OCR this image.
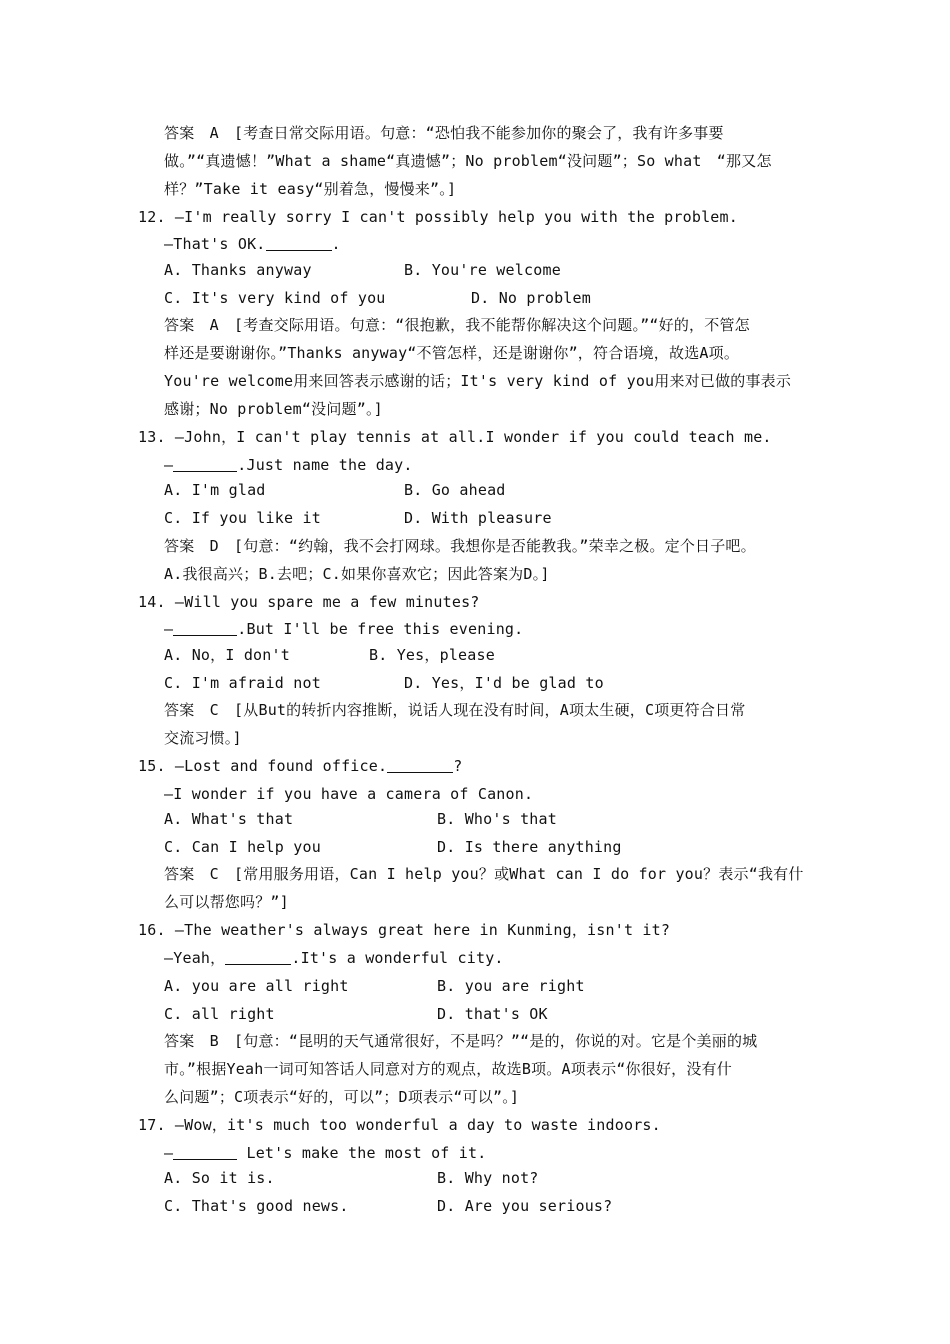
答案　A　[考查日常交际用语。句意：“恐怕我不能参加你的聚会了，我有许多事要
做。”“真遗憾！”What a shame“真遗憾”；No problem“没问题”；So what　“那又怎
样？”Take it easy“别着急，慢慢来”。]
12. —I'm really sorry I can't possibly help you with the problem.
—That's OK.	.
A. Thanks anyway	B. You're welcome
C. It's very kind of you	D. No problem
答案　A　[考查交际用语。句意：“很抱歉，我不能帮你解决这个问题。”“好的，不管怎
样还是要谢谢你。”Thanks anyway“不管怎样，还是谢谢你”，符合语境，故选A项。
You're welcome用来回答表示感谢的话；It's very kind of you用来对已做的事表示
感谢；No problem“没问题”。]
13. —John，I can't play tennis at all.I wonder if you could teach me.
—	.Just name the day.
A. I'm glad	B. Go ahead
C. If you like it	D. With pleasure
答案　D　[句意：“约翰，我不会打网球。我想你是否能教我。”荣幸之极。定个日子吧。
A.我很高兴；B.去吧；C.如果你喜欢它；因此答案为D。]
14. —Will you spare me a few minutes?
—	.But I'll be free this evening.
A. No，I don't	B. Yes，please
C. I'm afraid not	D. Yes，I'd be glad to
答案　C　[从But的转折内容推断，说话人现在没有时间，A项太生硬，C项更符合日常
交流习惯。]
15. —Lost and found office.	?
—I wonder if you have a camera of Canon.
A. What's that	B. Who's that
C. Can I help you	D. Is there anything
答案　C　[常用服务用语，Can I help you？或What can I do for you？表示“我有什
么可以帮您吗？”]
16. —The weather's always great here in Kunming，isn't it?
—Yeah，	.It's a wonderful city.
A. you are all right	B. you are right
C. all right	D. that's OK
答案　B　[句意：“昆明的天气通常很好，不是吗？”“是的，你说的对。它是个美丽的城
市。”根据Yeah一词可知答话人同意对方的观点，故选B项。A项表示“你很好，没有什
么问题”；C项表示“好的，可以”；D项表示“可以”。]
17. —Wow，it's much too wonderful a day to waste indoors.
—	Let's make the most of it.
A. So it is.	B. Why not?
C. That's good news.	D. Are you serious?
